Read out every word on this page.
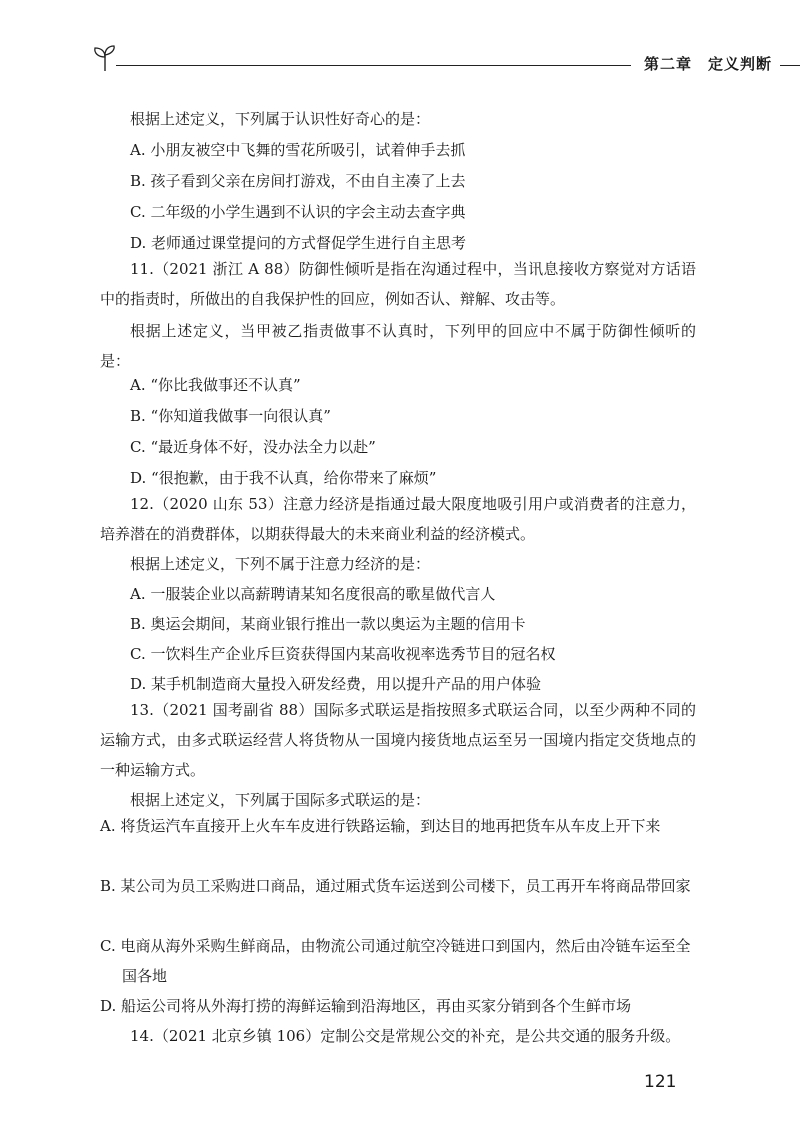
第二章　定义判断

根据上述定义，下列属于认识性好奇心的是：

A. 小朋友被空中飞舞的雪花所吸引，试着伸手去抓

B. 孩子看到父亲在房间打游戏，不由自主凑了上去

C. 二年级的小学生遇到不认识的字会主动去查字典

D. 老师通过课堂提问的方式督促学生进行自主思考

11.（2021 浙江 A 88）防御性倾听是指在沟通过程中，当讯息接收方察觉对方话语中的指责时，所做出的自我保护性的回应，例如否认、辩解、攻击等。

根据上述定义，当甲被乙指责做事不认真时，下列甲的回应中不属于防御性倾听的是：

A. “你比我做事还不认真”

B. “你知道我做事一向很认真”

C. “最近身体不好，没办法全力以赴”

D. “很抱歉，由于我不认真，给你带来了麻烦”

12.（2020 山东 53）注意力经济是指通过最大限度地吸引用户或消费者的注意力，培养潜在的消费群体，以期获得最大的未来商业利益的经济模式。

根据上述定义，下列不属于注意力经济的是：

A. 一服装企业以高薪聘请某知名度很高的歌星做代言人

B. 奥运会期间，某商业银行推出一款以奥运为主题的信用卡

C. 一饮料生产企业斥巨资获得国内某高收视率选秀节目的冠名权

D. 某手机制造商大量投入研发经费，用以提升产品的用户体验

13.（2021 国考副省 88）国际多式联运是指按照多式联运合同，以至少两种不同的运输方式，由多式联运经营人将货物从一国境内接货地点运至另一国境内指定交货地点的一种运输方式。

根据上述定义，下列属于国际多式联运的是：

A. 将货运汽车直接开上火车车皮进行铁路运输，到达目的地再把货车从车皮上开下来

B. 某公司为员工采购进口商品，通过厢式货车运送到公司楼下，员工再开车将商品带回家

C. 电商从海外采购生鲜商品，由物流公司通过航空冷链进口到国内，然后由冷链车运至全国各地

D. 船运公司将从外海打捞的海鲜运输到沿海地区，再由买家分销到各个生鲜市场

14.（2021 北京乡镇 106）定制公交是常规公交的补充，是公共交通的服务升级。

121
